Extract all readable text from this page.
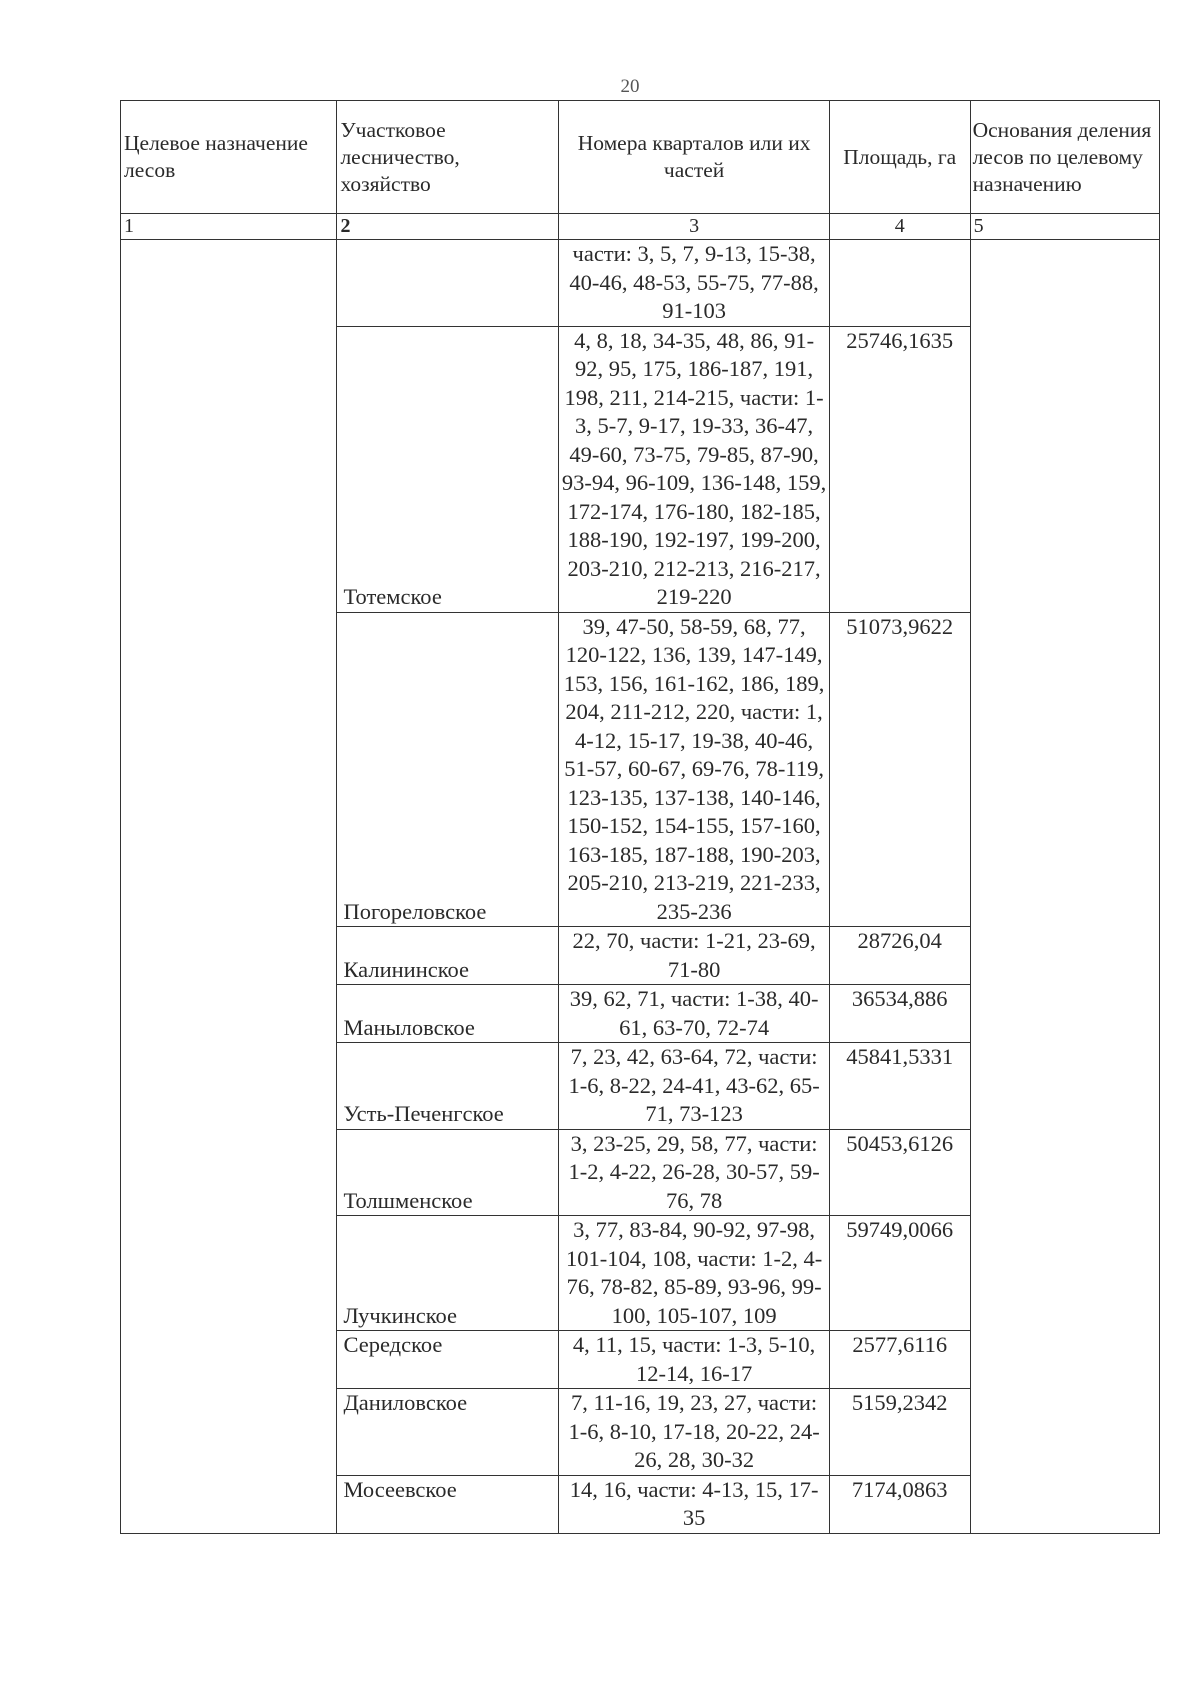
20
Целевое назначение лесов	Участковое лесничество, хозяйство	Номера кварталов или их частей	Площадь, га	Основания деления лесов по целевому назначению
1	2	3	4	5
		части: 3, 5, 7, 9-13, 15-38, 40-46, 48-53, 55-75, 77-88, 91-103		
	Тотемское	4, 8, 18, 34-35, 48, 86, 91-92, 95, 175, 186-187, 191, 198, 211, 214-215, части: 1-3, 5-7, 9-17, 19-33, 36-47, 49-60, 73-75, 79-85, 87-90, 93-94, 96-109, 136-148, 159, 172-174, 176-180, 182-185, 188-190, 192-197, 199-200, 203-210, 212-213, 216-217, 219-220	25746,1635	
	Погореловское	39, 47-50, 58-59, 68, 77, 120-122, 136, 139, 147-149, 153, 156, 161-162, 186, 189, 204, 211-212, 220, части: 1, 4-12, 15-17, 19-38, 40-46, 51-57, 60-67, 69-76, 78-119, 123-135, 137-138, 140-146, 150-152, 154-155, 157-160, 163-185, 187-188, 190-203, 205-210, 213-219, 221-233, 235-236	51073,9622	
	Калининское	22, 70, части: 1-21, 23-69, 71-80	28726,04	
	Маныловское	39, 62, 71, части: 1-38, 40-61, 63-70, 72-74	36534,886	
	Усть-Печенгское	7, 23, 42, 63-64, 72, части: 1-6, 8-22, 24-41, 43-62, 65-71, 73-123	45841,5331	
	Толшменское	3, 23-25, 29, 58, 77, части: 1-2, 4-22, 26-28, 30-57, 59-76, 78	50453,6126	
	Лучкинское	3, 77, 83-84, 90-92, 97-98, 101-104, 108, части: 1-2, 4-76, 78-82, 85-89, 93-96, 99-100, 105-107, 109	59749,0066	
	Середское	4, 11, 15, части: 1-3, 5-10, 12-14, 16-17	2577,6116	
	Даниловское	7, 11-16, 19, 23, 27, части: 1-6, 8-10, 17-18, 20-22, 24-26, 28, 30-32	5159,2342	
	Мосеевское	14, 16, части: 4-13, 15, 17-35	7174,0863	
